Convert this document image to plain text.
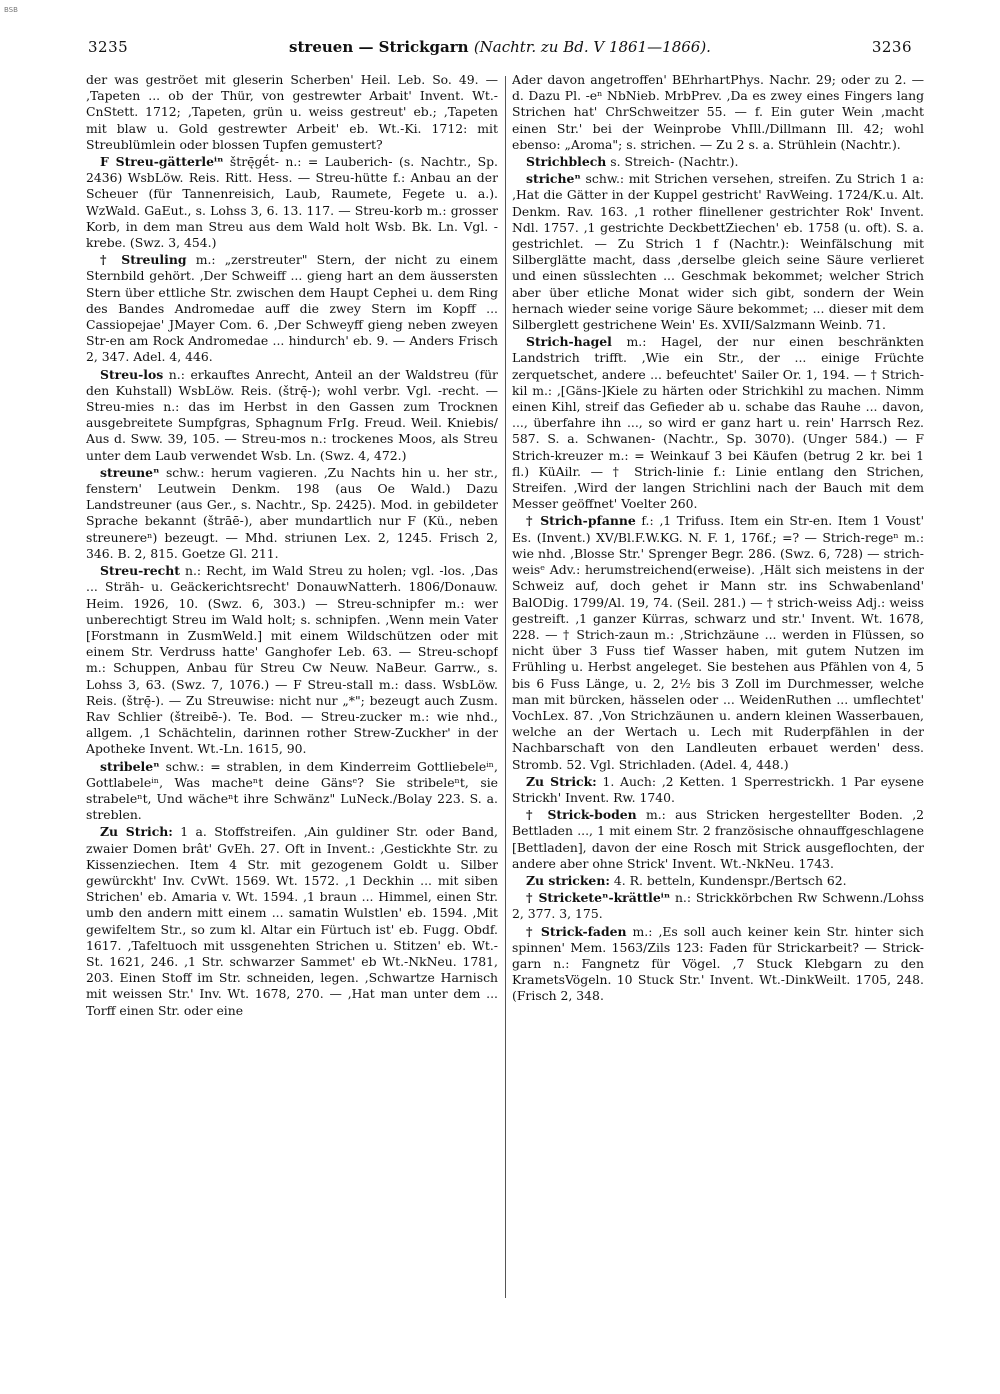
BSB
3235	streuen — Strickgarn (Nachtr. zu Bd. V 1861—1866).	3236

der was geströet mit gleserin Scherben' Heil. Leb. So. 49. — ‚Tapeten ... ob der Thür, von gestrewter Arbait' Invent. Wt.-CnStett. 1712; ‚Tapeten, grün u. weiss gestreut' eb.; ‚Tapeten mit blaw u. Gold gestrewter Arbeit' eb. Wt.-Ki. 1712: mit Streublümlein oder blossen Tupfen gemustert?

F Streu-gätterleⁱⁿ štrę̄gḗt- n.: = Lauberich- (s. Nachtr., Sp. 2436) WsbLöw. Reis. Ritt. Hess. — Streu-hütte f.: Anbau an der Scheuer (für Tannenreisich, Laub, Raumete, Fegete u. a.). WzWald. GaEut., s. Lohss 3, 6. 13. 117. — Streu-korb m.: grosser Korb, in dem man Streu aus dem Wald holt Wsb. Bk. Ln. Vgl. -krebe. (Swz. 3, 454.)

† Streuling m.: „zerstreuter" Stern, der nicht zu einem Sternbild gehört. ‚Der Schweiff ... gieng hart an dem äussersten Stern über ettliche Str. zwischen dem Haupt Cephei u. dem Ring des Bandes Andromedae auff die zwey Stern im Kopff ... Cassiopejae' JMayer Com. 6. ‚Der Schweyff gieng neben zweyen Str-en am Rock Andromedae ... hindurch' eb. 9. — Anders Frisch 2, 347. Adel. 4, 446.

Streu-los n.: erkauftes Anrecht, Anteil an der Waldstreu (für den Kuhstall) WsbLöw. Reis. (štrę̄-); wohl verbr. Vgl. -recht. — Streu-mies n.: das im Herbst in den Gassen zum Trocknen ausgebreitete Sumpfgras, Sphagnum FrIg. Freud. Weil. Kniebis/ Aus d. Sww. 39, 105. — Streu-mos n.: trockenes Moos, als Streu unter dem Laub verwendet Wsb. Ln. (Swz. 4, 472.)

streuneⁿ schw.: herum vagieren. ‚Zu Nachts hin u. her str., fenstern' Leutwein Denkm. 198 (aus Oe Wald.) Dazu Landstreuner (aus Ger., s. Nachtr., Sp. 2425). Mod. in gebildeter Sprache bekannt (štrāē-), aber mundartlich nur F (Kü., neben streunereⁿ) bezeugt. — Mhd. striunen Lex. 2, 1245. Frisch 2, 346. B. 2, 815. Goetze Gl. 211.

Streu-recht n.: Recht, im Wald Streu zu holen; vgl. -los. ‚Das ... Sträh- u. Geäckerichtsrecht' DonauwNatterh. 1806/Donauw. Heim. 1926, 10. (Swz. 6, 303.) — Streu-schnipfer m.: wer unberechtigt Streu im Wald holt; s. schnipfen. ‚Wenn mein Vater [Forstmann in ZusmWeld.] mit einem Wildschützen oder mit einem Str. Verdruss hatte' Ganghofer Leb. 63. — Streu-schopf m.: Schuppen, Anbau für Streu Cw Neuw. NaBeur. Garrw., s. Lohss 3, 63. (Swz. 7, 1076.) — F Streu-stall m.: dass. WsbLöw. Reis. (štrę̄-). — Zu Streuwise: nicht nur „*"; bezeugt auch Zusm. Rav Schlier (štreibē-). Te. Bod. — Streu-zucker m.: wie nhd., allgem. ‚1 Schächtelin, darinnen rother Strew-Zuckher' in der Apotheke Invent. Wt.-Ln. 1615, 90.

stribeleⁿ schw.: = strablen, in dem Kinderreim Gottliebeleⁱⁿ, Gottlabeleⁱⁿ, Was macheⁿt deine Gänsᵉ? Sie stribeleⁿt, sie strabeleⁿt, Und wächeⁿt ihre Schwänz" LuNeck./Bolay 223. S. a. streblen.

Zu Strich: 1 a. Stoffstreifen. ‚Ain guldiner Str. oder Band, zwaier Domen brât' GvEh. 27. Oft in Invent.: ‚Gestickhte Str. zu Kissenziechen. Item 4 Str. mit gezogenem Goldt u. Silber gewürckht' Inv. CvWt. 1569. Wt. 1572. ‚1 Deckhin ... mit siben Strichen' eb. Amaria v. Wt. 1594. ‚1 braun ... Himmel, einen Str. umb den andern mitt einem ... samatin Wulstlen' eb. 1594. ‚Mit gewifeltem Str., so zum kl. Altar ein Fürtuch ist' eb. Fugg. Obdf. 1617. ‚Tafeltuoch mit ussgenehten Strichen u. Stitzen' eb. Wt.-St. 1621, 246. ‚1 Str. schwarzer Sammet' eb Wt.-NkNeu. 1781, 203. Einen Stoff im Str. schneiden, legen. ‚Schwartze Harnisch mit weissen Str.' Inv. Wt. 1678, 270. — ‚Hat man unter dem ... Torff einen Str. oder eine

Ader davon angetroffen' BEhrhartPhys. Nachr. 29; oder zu 2. — d. Dazu Pl. -eⁿ NbNieb. MrbPrev. ‚Da es zwey eines Fingers lang Strichen hat' ChrSchweitzer 55. — f. Ein guter Wein ‚macht einen Str.' bei der Weinprobe VhIll./Dillmann Ill. 42; wohl ebenso: „Aroma"; s. strichen. — Zu 2 s. a. Strühlein (Nachtr.).

Strichblech s. Streich- (Nachtr.).

stricheⁿ schw.: mit Strichen versehen, streifen. Zu Strich 1 a: ‚Hat die Gätter in der Kuppel gestricht' RavWeing. 1724/K.u. Alt. Denkm. Rav. 163. ‚1 rother flinellener gestrichter Rok' Invent. Ndl. 1757. ‚1 gestrichte DeckbettZiechen' eb. 1758 (u. oft). S. a. gestrichlet. — Zu Strich 1 f (Nachtr.): Weinfälschung mit Silberglätte macht, dass ‚derselbe gleich seine Säure verlieret und einen süsslechten ... Geschmak bekommet; welcher Strich aber über etliche Monat wider sich gibt, sondern der Wein hernach wieder seine vorige Säure bekommet; ... dieser mit dem Silberglett gestrichene Wein' Es. XVII/Salzmann Weinb. 71.

Strich-hagel m.: Hagel, der nur einen beschränkten Landstrich trifft. ‚Wie ein Str., der ... einige Früchte zerquetschet, andere ... befeuchtet' Sailer Or. 1, 194. — † Strich-kil m.: ‚[Gäns-]Kiele zu härten oder Strichkihl zu machen. Nimm einen Kihl, streif das Gefieder ab u. schabe das Rauhe ... davon, ..., überfahre ihn ..., so wird er ganz hart u. rein' Harrsch Rez. 587. S. a. Schwanen- (Nachtr., Sp. 3070). (Unger 584.) — F Strich-kreuzer m.: = Weinkauf 3 bei Käufen (betrug 2 kr. bei 1 fl.) KüAilr. — † Strich-linie f.: Linie entlang den Strichen, Streifen. ‚Wird der langen Strichlini nach der Bauch mit dem Messer geöffnet' Voelter 260.

† Strich-pfanne f.: ‚1 Trifuss. Item ein Str-en. Item 1 Voust' Es. (Invent.) XV/Bl.F.W.KG. N. F. 1, 176f.; =? — Strich-regeⁿ m.: wie nhd. ‚Blosse Str.' Sprenger Begr. 286. (Swz. 6, 728) — strich-weisᵉ Adv.: herumstreichend(erweise). ‚Hält sich meistens in der Schweiz auf, doch gehet ir Mann str. ins Schwabenland' BalODig. 1799/Al. 19, 74. (Seil. 281.) — † strich-weiss Adj.: weiss gestreift. ‚1 ganzer Kürras, schwarz und str.' Invent. Wt. 1678, 228. — † Strich-zaun m.: ‚Strichzäune ... werden in Flüssen, so nicht über 3 Fuss tief Wasser haben, mit gutem Nutzen im Frühling u. Herbst angeleget. Sie bestehen aus Pfählen von 4, 5 bis 6 Fuss Länge, u. 2, 2½ bis 3 Zoll im Durchmesser, welche man mit bürcken, hässelen oder ... WeidenRuthen ... umflechtet' VochLex. 87. ‚Von Strichzäunen u. andern kleinen Wasserbauen, welche an der Wertach u. Lech mit Ruderpfählen in der Nachbarschaft von den Landleuten erbauet werden' dess. Stromb. 52. Vgl. Strichladen. (Adel. 4, 448.)

Zu Strick: 1. Auch: ‚2 Ketten. 1 Sperrestrickh. 1 Par eysene Strickh' Invent. Rw. 1740.

† Strick-boden m.: aus Stricken hergestellter Boden. ‚2 Bettladen ..., 1 mit einem Str. 2 französische ohnauffgeschlagene [Bettladen], davon der eine Rosch mit Strick ausgeflochten, der andere aber ohne Strick' Invent. Wt.-NkNeu. 1743.

Zu stricken: 4. R. betteln, Kundenspr./Bertsch 62.

† Stricketeⁿ-krättleⁱⁿ n.: Strickkörbchen Rw Schwenn./Lohss 2, 377. 3, 175.

† Strick-faden m.: ‚Es soll auch keiner kein Str. hinter sich spinnen' Mem. 1563/Zils 123: Faden für Strickarbeit? — Strick-garn n.: Fangnetz für Vögel. ‚7 Stuck Klebgarn zu den KrametsVögeln. 10 Stuck Str.' Invent. Wt.-DinkWeilt. 1705, 248. (Frisch 2, 348.
